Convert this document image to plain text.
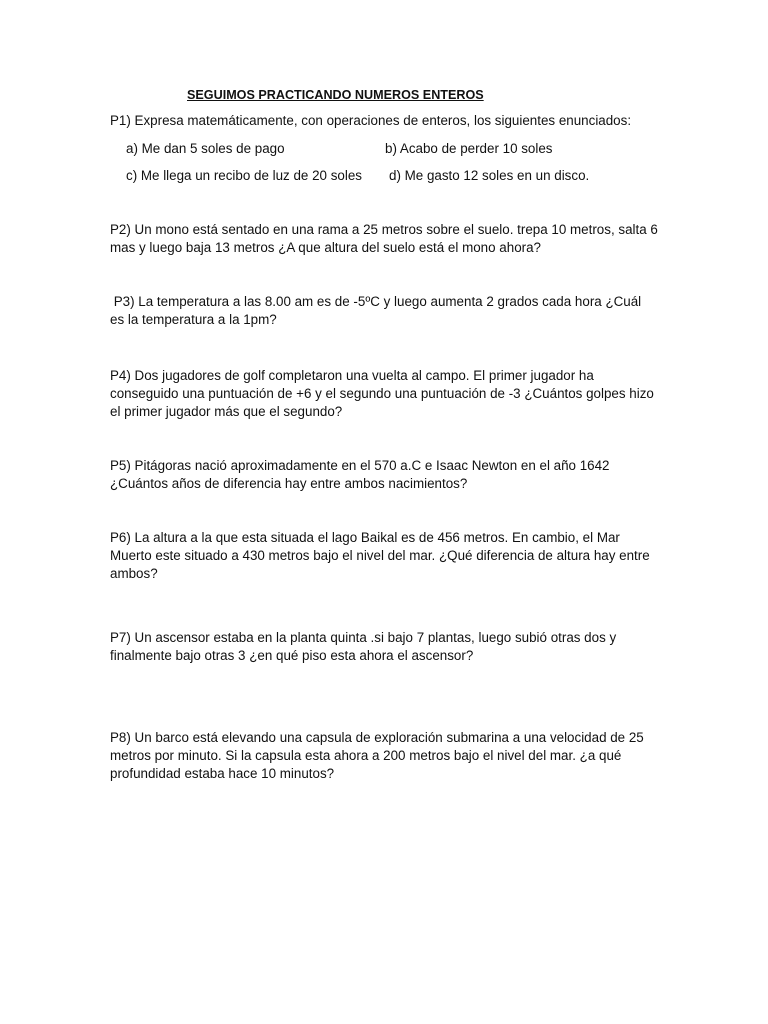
SEGUIMOS PRACTICANDO NUMEROS ENTEROS

P1) Expresa matemáticamente, con operaciones de enteros, los siguientes enunciados:

a) Me dan 5 soles de pago	b) Acabo de perder 10 soles
c) Me llega un recibo de luz de 20 soles d) Me gasto 12 soles en un disco.

P2) Un mono está sentado en una rama a 25 metros sobre el suelo. trepa 10 metros, salta 6 mas y luego baja 13 metros ¿A que altura del suelo está el mono ahora?

P3) La temperatura a las 8.00 am es de -5ºC y luego aumenta 2 grados cada hora ¿Cuál es la temperatura a la 1pm?

P4) Dos jugadores de golf completaron una vuelta al campo. El primer jugador ha conseguido una puntuación de +6 y el segundo una puntuación de -3 ¿Cuántos golpes hizo el primer jugador más que el segundo?

P5) Pitágoras nació aproximadamente en el 570 a.C e Isaac Newton en el año 1642 ¿Cuántos años de diferencia hay entre ambos nacimientos?

P6) La altura a la que esta situada el lago Baikal es de 456 metros. En cambio, el Mar Muerto este situado a 430 metros bajo el nivel del mar. ¿Qué diferencia de altura hay entre ambos?

P7) Un ascensor estaba en la planta quinta .si bajo 7 plantas, luego subió otras dos y finalmente bajo otras 3 ¿en qué piso esta ahora el ascensor?

P8) Un barco está elevando una capsula de exploración submarina a una velocidad de 25 metros por minuto. Si la capsula esta ahora a 200 metros bajo el nivel del mar. ¿a qué profundidad estaba hace 10 minutos?
